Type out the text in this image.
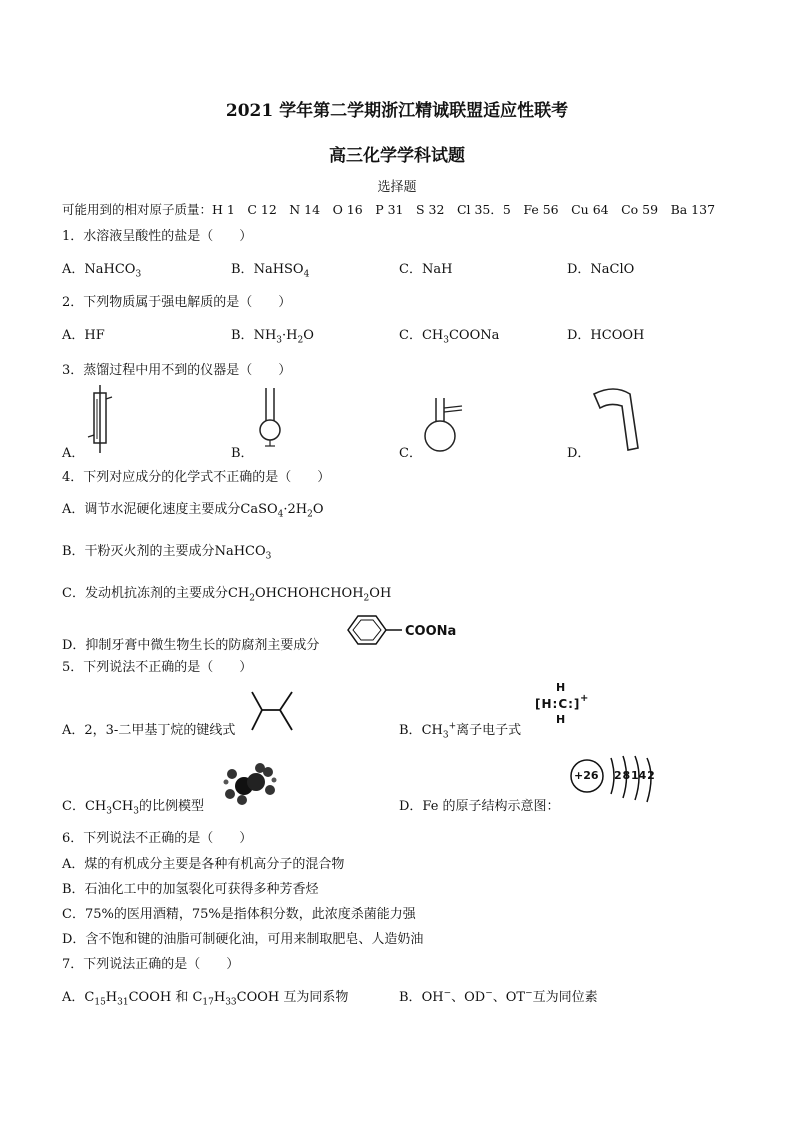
2021 学年第二学期浙江精诚联盟适应性联考
高三化学学科试题
选择题
可能用到的相对原子质量：H 1　C 12　N 14　O 16　P 31　S 32　Cl 35．5　Fe 56　Cu 64　Co 59　Ba 137
1．水溶液呈酸性的盐是（　　）
A．NaHCO$_3$	B．NaHSO$_4$	C．NaH	D．NaClO
2．下列物质属于强电解质的是（　　）
A．HF	B．$NH_3\cdot H_2O$	C．$CH_3COONa$	D．HCOOH
3．蒸馏过程中用不到的仪器是（　　）
A．	B．	C．	D．
4．下列对应成分的化学式不正确的是（　　）
A．调节水泥硬化速度主要成分$CaSO_4\cdot 2H_2O$
B．干粉灭火剂的主要成分NaHCO$_3$
C．发动机抗冻剂的主要成分$CH_2OHCHOHCHOH_2OH$
D．抑制牙膏中微生物生长的防腐剂主要成分
COONa
5．下列说法不正确的是（　　）
A．2，3-二甲基丁烷的键线式	B．$CH_3^+$离子电子式
H
[H:C:] +
H
C．$CH_3CH_3$的比例模型	D．Fe 的原子结构示意图：
+26 2 8 14 2
6．下列说法不正确的是（　　）
A．煤的有机成分主要是各种有机高分子的混合物
B．石油化工中的加氢裂化可获得多种芳香烃
C．75%的医用酒精，75%是指体积分数，此浓度杀菌能力强
D．含不饱和键的油脂可制硬化油，可用来制取肥皂、人造奶油
7．下列说法正确的是（　　）
A．$C_{15}H_{31}COOH$ 和 $C_{17}H_{33}COOH$ 互为同系物	B．OH−、OD−、OT−互为同位素
